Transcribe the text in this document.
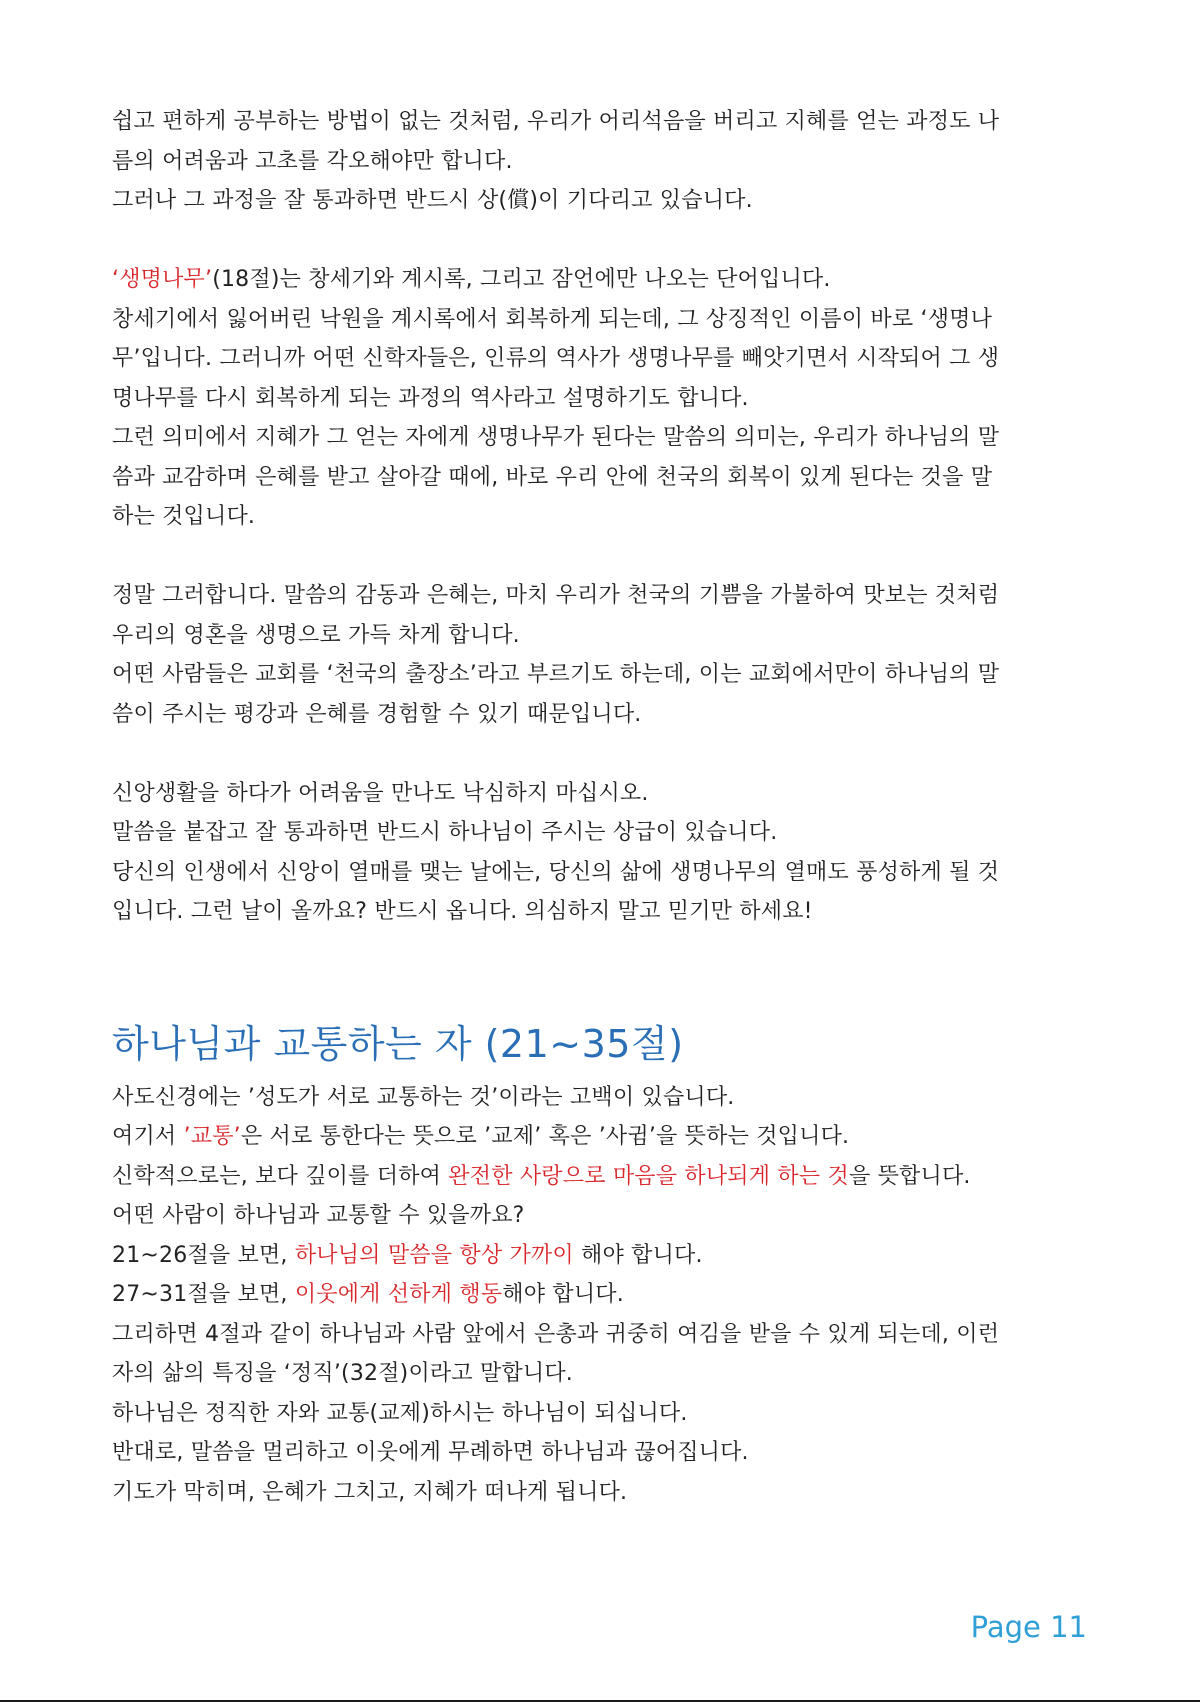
쉽고 편하게 공부하는 방법이 없는 것처럼, 우리가 어리석음을 버리고 지혜를 얻는 과정도 나

름의 어려움과 고초를 각오해야만 합니다.

그러나 그 과정을 잘 통과하면 반드시 상(償)이 기다리고 있습니다.

‘생명나무’(18절)는 창세기와 계시록, 그리고 잠언에만 나오는 단어입니다.

창세기에서 잃어버린 낙원을 계시록에서 회복하게 되는데, 그 상징적인 이름이 바로 ‘생명나

무’입니다. 그러니까 어떤 신학자들은, 인류의 역사가 생명나무를 빼앗기면서 시작되어 그 생

명나무를 다시 회복하게 되는 과정의 역사라고 설명하기도 합니다.

그런 의미에서 지혜가 그 얻는 자에게 생명나무가 된다는 말씀의 의미는, 우리가 하나님의 말

씀과 교감하며 은혜를 받고 살아갈 때에, 바로 우리 안에 천국의 회복이 있게 된다는 것을 말

하는 것입니다.

정말 그러합니다. 말씀의 감동과 은혜는, 마치 우리가 천국의 기쁨을 가불하여 맛보는 것처럼

우리의 영혼을 생명으로 가득 차게 합니다.

어떤 사람들은 교회를 ‘천국의 출장소’라고 부르기도 하는데, 이는 교회에서만이 하나님의 말

씀이 주시는 평강과 은혜를 경험할 수 있기 때문입니다.

신앙생활을 하다가 어려움을 만나도 낙심하지 마십시오.

말씀을 붙잡고 잘 통과하면 반드시 하나님이 주시는 상급이 있습니다.

당신의 인생에서 신앙이 열매를 맺는 날에는, 당신의 삶에 생명나무의 열매도 풍성하게 될 것

입니다. 그런 날이 올까요? 반드시 옵니다. 의심하지 말고 믿기만 하세요!

하나님과 교통하는 자 (21~35절)

사도신경에는 ’성도가 서로 교통하는 것’이라는 고백이 있습니다.

여기서 ’교통’은 서로 통한다는 뜻으로 ’교제’ 혹은 ’사귐’을 뜻하는 것입니다.

신학적으로는, 보다 깊이를 더하여 완전한 사랑으로 마음을 하나되게 하는 것을 뜻합니다.

어떤 사람이 하나님과 교통할 수 있을까요?

21~26절을 보면, 하나님의 말씀을 항상 가까이 해야 합니다.

27~31절을 보면, 이웃에게 선하게 행동해야 합니다.

그리하면 4절과 같이 하나님과 사람 앞에서 은총과 귀중히 여김을 받을 수 있게 되는데, 이런

자의 삶의 특징을 ‘정직’(32절)이라고 말합니다.

하나님은 정직한 자와 교통(교제)하시는 하나님이 되십니다.

반대로, 말씀을 멀리하고 이웃에게 무례하면 하나님과 끊어집니다.

기도가 막히며, 은혜가 그치고, 지혜가 떠나게 됩니다.

Page 11
